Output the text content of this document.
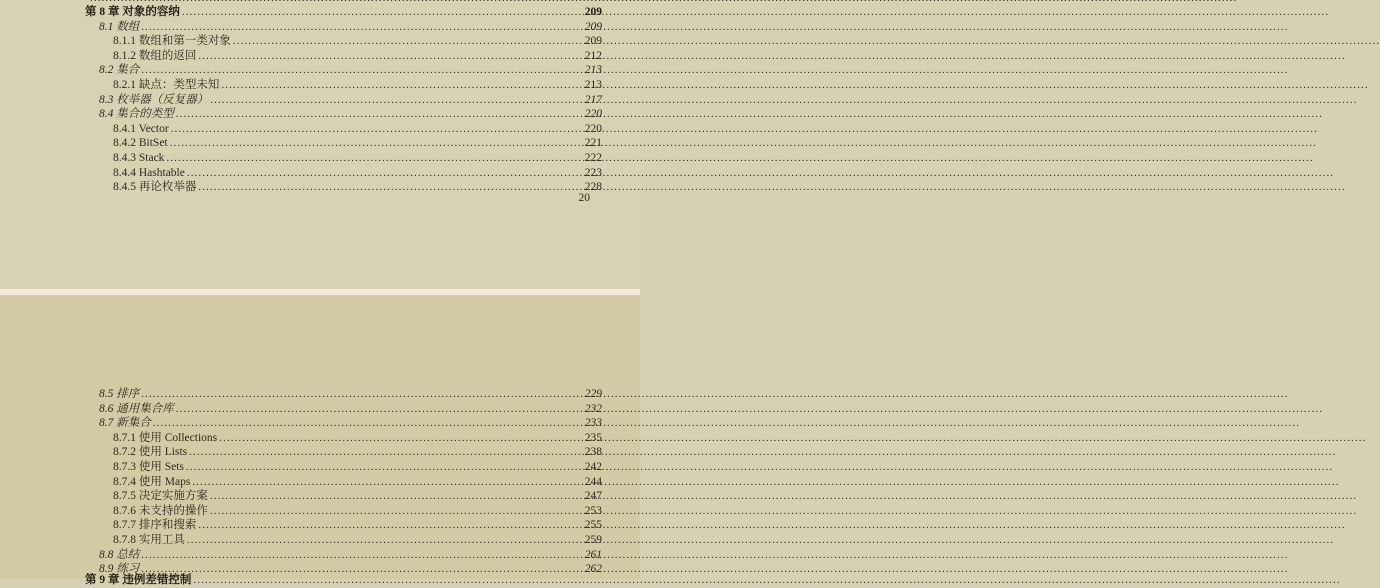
.....
第 8 章 对象的容纳 .....	209
8.1 数组 .....	209
8.1.1 数组和第一类对象 .....	209
8.1.2 数组的返回 .....	212
8.2 集合 .....	213
8.2.1 缺点：类型未知 .....	213
8.3 枚举器（反复器） .....	217
8.4 集合的类型 .....	220
8.4.1 Vector .....	220
8.4.2 BitSet .....	221
8.4.3 Stack .....	222
8.4.4 Hashtable .....	223
8.4.5 再论枚举器 .....	228
20
8.5 排序 .....	229
8.6 通用集合库 .....	232
8.7 新集合 .....	233
8.7.1 使用 Collections .....	235
8.7.2 使用 Lists .....	238
8.7.3 使用 Sets .....	242
8.7.4 使用 Maps .....	244
8.7.5 决定实施方案 .....	247
8.7.6 未支持的操作 .....	253
8.7.7 排序和搜索 .....	255
8.7.8 实用工具 .....	259
8.8 总结 .....	261
8.9 练习 .....	262
第 9 章 违例差错控制
.....
